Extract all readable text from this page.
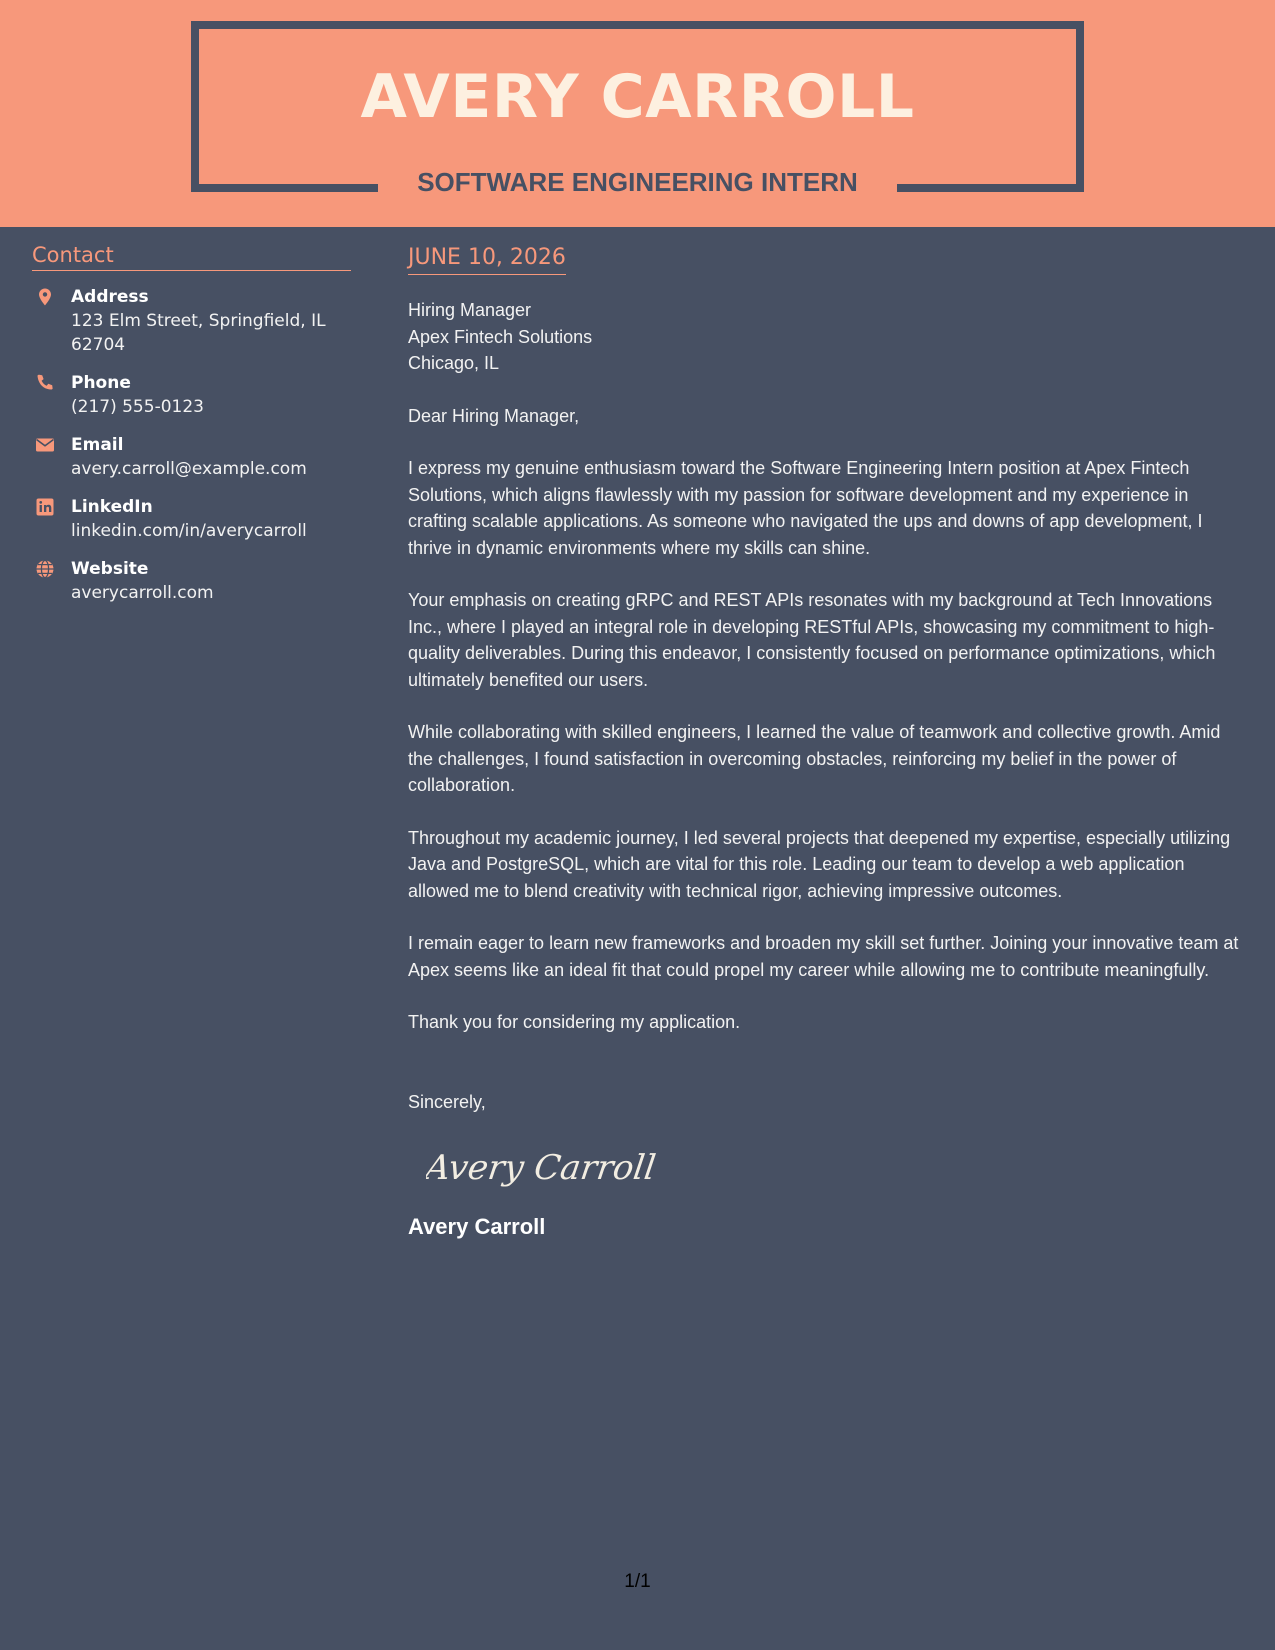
AVERY CARROLL
SOFTWARE ENGINEERING INTERN
Contact
Address
123 Elm Street, Springfield, IL 62704
Phone
(217) 555-0123
Email
avery.carroll@example.com
LinkedIn
linkedin.com/in/averycarroll
Website
averycarroll.com
JUNE 10, 2026
Hiring Manager
Apex Fintech Solutions
Chicago, IL
Dear Hiring Manager,

I express my genuine enthusiasm toward the Software Engineering Intern position at Apex Fintech Solutions, which aligns flawlessly with my passion for software development and my experience in crafting scalable applications. As someone who navigated the ups and downs of app development, I thrive in dynamic environments where my skills can shine.

Your emphasis on creating gRPC and REST APIs resonates with my background at Tech Innovations Inc., where I played an integral role in developing RESTful APIs, showcasing my commitment to high-quality deliverables. During this endeavor, I consistently focused on performance optimizations, which ultimately benefited our users.

While collaborating with skilled engineers, I learned the value of teamwork and collective growth. Amid the challenges, I found satisfaction in overcoming obstacles, reinforcing my belief in the power of collaboration.

Throughout my academic journey, I led several projects that deepened my expertise, especially utilizing Java and PostgreSQL, which are vital for this role. Leading our team to develop a web application allowed me to blend creativity with technical rigor, achieving impressive outcomes.

I remain eager to learn new frameworks and broaden my skill set further. Joining your innovative team at Apex seems like an ideal fit that could propel my career while allowing me to contribute meaningfully.

Thank you for considering my application.

Sincerely,
Avery Carroll
Avery Carroll
1/1
